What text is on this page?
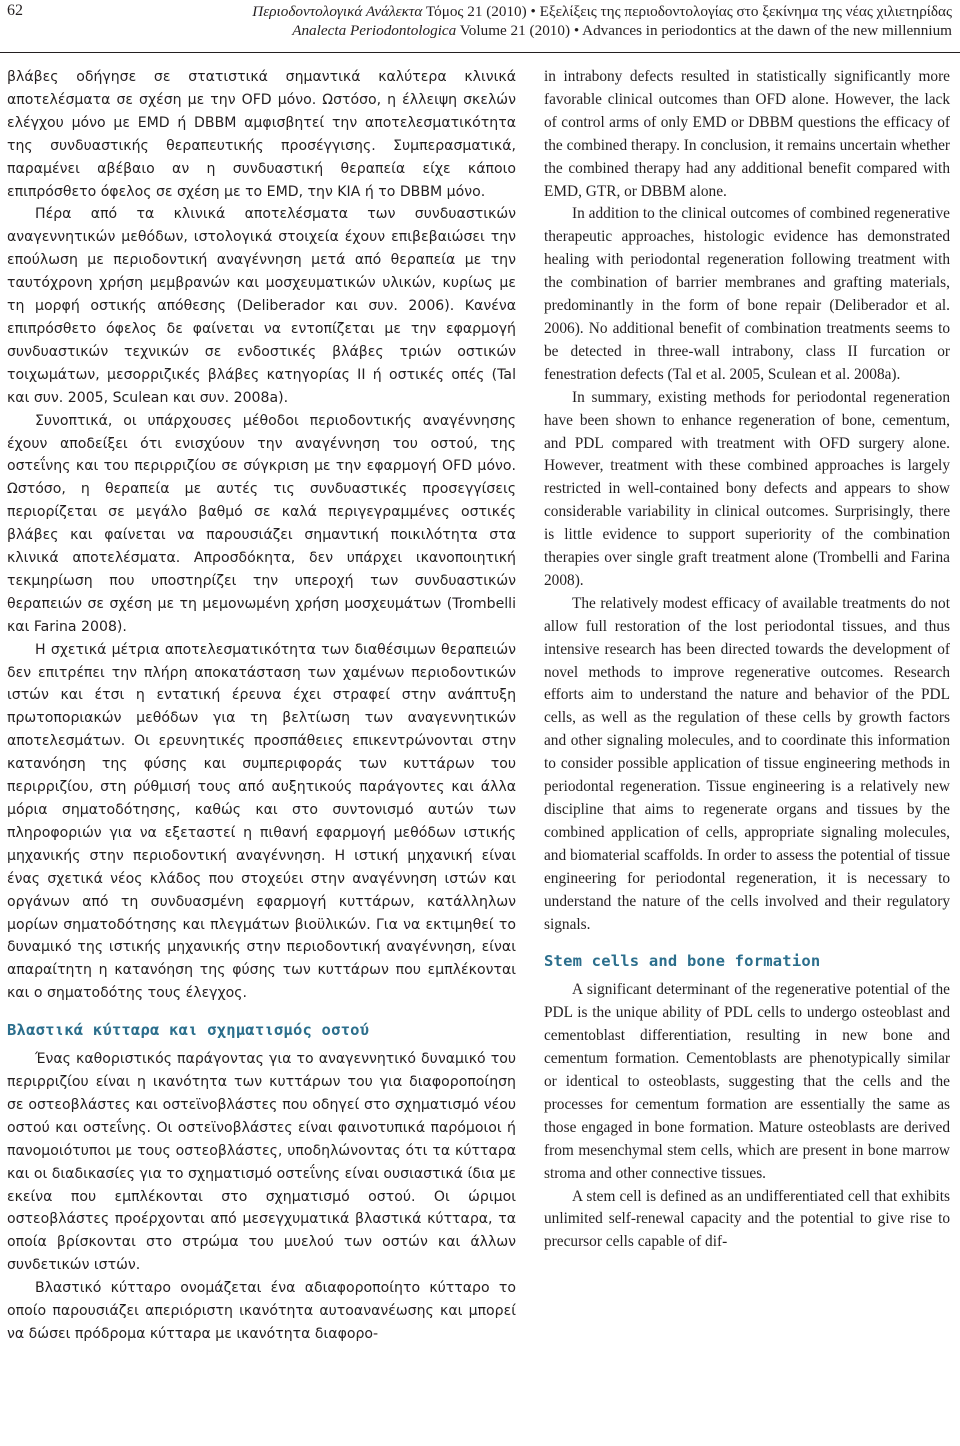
62	Περιοδοντολογικά Ανάλεκτα Τόμος 21 (2010) • Εξελίξεις της περιοδοντολογίας στο ξεκίνημα της νέας χιλιετηρίδας
Analecta Periodontologica Volume 21 (2010) • Advances in periodontics at the dawn of the new millennium

βλάβες οδήγησε σε στατιστικά σημαντικά καλύτερα κλινικά αποτελέσματα σε σχέση με την OFD μόνο. Ωστόσο, η έλλειψη σκελών ελέγχου μόνο με EMD ή DBBM αμφισβητεί την αποτελεσματικότητα της συνδυαστικής θεραπευτικής προσέγγισης. Συμπερασματικά, παραμένει αβέβαιο αν η συνδυαστική θεραπεία είχε κάποιο επιπρόσθετο όφελος σε σχέση με το EMD, την ΚΙΑ ή το DBBM μόνο.

Πέρα από τα κλινικά αποτελέσματα των συνδυαστικών αναγεννητικών μεθόδων, ιστολογικά στοιχεία έχουν επιβεβαιώσει την επούλωση με περιοδοντική αναγέννηση μετά από θεραπεία με την ταυτόχρονη χρήση μεμβρανών και μοσχευματικών υλικών, κυρίως με τη μορφή οστικής απόθεσης (Deliberador και συν. 2006). Κανένα επιπρόσθετο όφελος δε φαίνεται να εντοπίζεται με την εφαρμογή συνδυαστικών τεχνικών σε ενδοστικές βλάβες τριών οστικών τοιχωμάτων, μεσορριζικές βλάβες κατηγορίας ΙΙ ή οστικές οπές (Tal και συν. 2005, Sculean και συν. 2008a).

Συνοπτικά, οι υπάρχουσες μέθοδοι περιοδοντικής αναγέννησης έχουν αποδείξει ότι ενισχύουν την αναγέννηση του οστού, της οστεΐνης και του περιρριζίου σε σύγκριση με την εφαρμογή OFD μόνο. Ωστόσο, η θεραπεία με αυτές τις συνδυαστικές προσεγγίσεις περιορίζεται σε μεγάλο βαθμό σε καλά περιγεγραμμένες οστικές βλάβες και φαίνεται να παρουσιάζει σημαντική ποικιλότητα στα κλινικά αποτελέσματα. Απροσδόκητα, δεν υπάρχει ικανοποιητική τεκμηρίωση που υποστηρίζει την υπεροχή των συνδυαστικών θεραπειών σε σχέση με τη μεμονωμένη χρήση μοσχευμάτων (Trombelli και Farina 2008).

Η σχετικά μέτρια αποτελεσματικότητα των διαθέσιμων θεραπειών δεν επιτρέπει την πλήρη αποκατάσταση των χαμένων περιοδοντικών ιστών και έτσι η εντατική έρευνα έχει στραφεί στην ανάπτυξη πρωτοποριακών μεθόδων για τη βελτίωση των αναγεννητικών αποτελεσμάτων. Οι ερευνητικές προσπάθειες επικεντρώνονται στην κατανόηση της φύσης και συμπεριφοράς των κυττάρων του περιρριζίου, στη ρύθμισή τους από αυξητικούς παράγοντες και άλλα μόρια σηματοδότησης, καθώς και στο συντονισμό αυτών των πληροφοριών για να εξεταστεί η πιθανή εφαρμογή μεθόδων ιστικής μηχανικής στην περιοδοντική αναγέννηση. Η ιστική μηχανική είναι ένας σχετικά νέος κλάδος που στοχεύει στην αναγέννηση ιστών και οργάνων από τη συνδυασμένη εφαρμογή κυττάρων, κατάλληλων μορίων σηματοδότησης και πλεγμάτων βιοϋλικών. Για να εκτιμηθεί το δυναμικό της ιστικής μηχανικής στην περιοδοντική αναγέννηση, είναι απαραίτητη η κατανόηση της φύσης των κυττάρων που εμπλέκονται και ο σηματοδότης τους έλεγχος.

Βλαστικά κύτταρα και σχηματισμός οστού

Ένας καθοριστικός παράγοντας για το αναγεννητικό δυναμικό του περιρριζίου είναι η ικανότητα των κυττάρων του για διαφοροποίηση σε οστεοβλάστες και οστεϊνοβλάστες που οδηγεί στο σχηματισμό νέου οστού και οστεΐνης. Οι οστεϊνοβλάστες είναι φαινοτυπικά παρόμοιοι ή πανομοιότυποι με τους οστεοβλάστες, υποδηλώνοντας ότι τα κύτταρα και οι διαδικασίες για το σχηματισμό οστεΐνης είναι ουσιαστικά ίδια με εκείνα που εμπλέκονται στο σχηματισμό οστού. Οι ώριμοι οστεοβλάστες προέρχονται από μεσεγχυματικά βλαστικά κύτταρα, τα οποία βρίσκονται στο στρώμα του μυελού των οστών και άλλων συνδετικών ιστών.

Βλαστικό κύτταρο ονομάζεται ένα αδιαφοροποίητο κύτταρο το οποίο παρουσιάζει απεριόριστη ικανότητα αυτοανανέωσης και μπορεί να δώσει πρόδρομα κύτταρα με ικανότητα διαφορο-

in intrabony defects resulted in statistically significantly more favorable clinical outcomes than OFD alone. However, the lack of control arms of only EMD or DBBM questions the efficacy of the combined therapy. In conclusion, it remains uncertain whether the combined therapy had any additional benefit compared with EMD, GTR, or DBBM alone.

In addition to the clinical outcomes of combined regenerative therapeutic approaches, histologic evidence has demonstrated healing with periodontal regeneration following treatment with the combination of barrier membranes and grafting materials, predominantly in the form of bone repair (Deliberador et al. 2006). No additional benefit of combination treatments seems to be detected in three-wall intrabony, class II furcation or fenestration defects (Tal et al. 2005, Sculean et al. 2008a).

In summary, existing methods for periodontal regeneration have been shown to enhance regeneration of bone, cementum, and PDL compared with treatment with OFD surgery alone. However, treatment with these combined approaches is largely restricted in well-contained bony defects and appears to show considerable variability in clinical outcomes. Surprisingly, there is little evidence to support superiority of the combination therapies over single graft treatment alone (Trombelli and Farina 2008).

The relatively modest efficacy of available treatments do not allow full restoration of the lost periodontal tissues, and thus intensive research has been directed towards the development of novel methods to improve regenerative outcomes. Research efforts aim to understand the nature and behavior of the PDL cells, as well as the regulation of these cells by growth factors and other signaling molecules, and to coordinate this information to consider possible application of tissue engineering methods in periodontal regeneration. Tissue engineering is a relatively new discipline that aims to regenerate organs and tissues by the combined application of cells, appropriate signaling molecules, and biomaterial scaffolds. In order to assess the potential of tissue engineering for periodontal regeneration, it is necessary to understand the nature of the cells involved and their regulatory signals.

Stem cells and bone formation

A significant determinant of the regenerative potential of the PDL is the unique ability of PDL cells to undergo osteoblast and cementoblast differentiation, resulting in new bone and cementum formation. Cementoblasts are phenotypically similar or identical to osteoblasts, suggesting that the cells and the processes for cementum formation are essentially the same as those engaged in bone formation. Mature osteoblasts are derived from mesenchymal stem cells, which are present in bone marrow stroma and other connective tissues.

A stem cell is defined as an undifferentiated cell that exhibits unlimited self-renewal capacity and the potential to give rise to precursor cells capable of dif-
